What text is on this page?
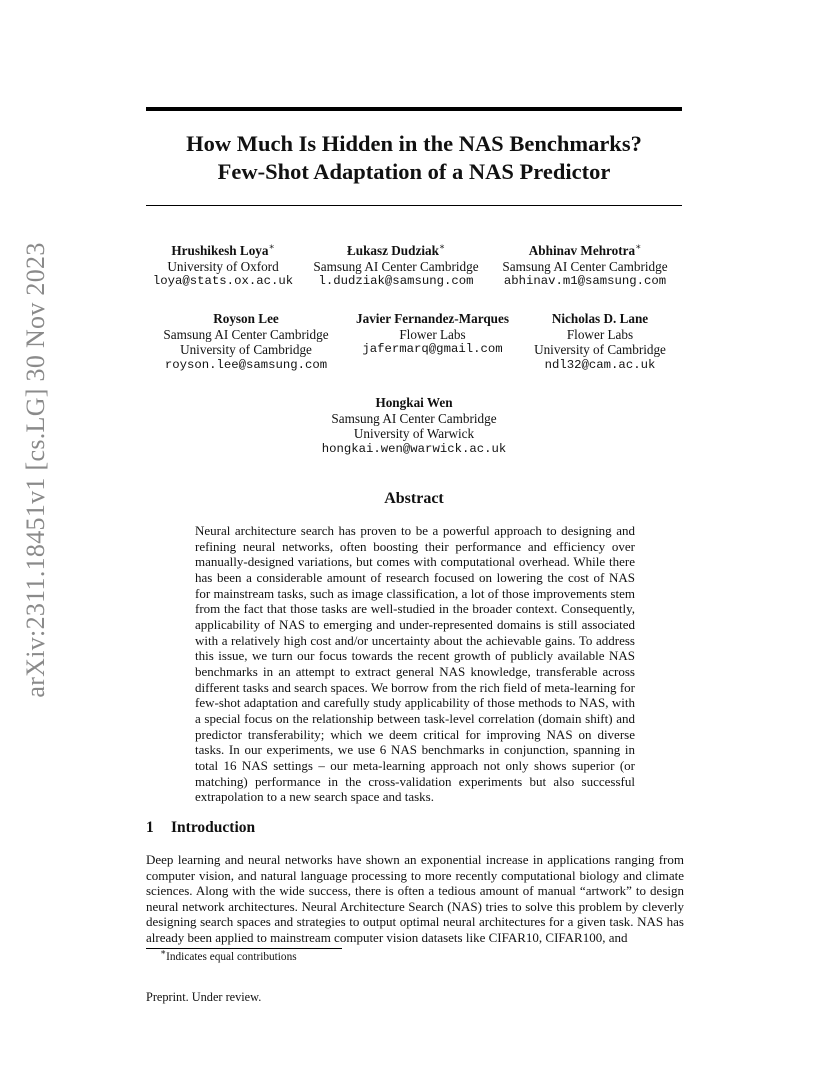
arXiv:2311.18451v1 [cs.LG] 30 Nov 2023
How Much Is Hidden in the NAS Benchmarks?
Few-Shot Adaptation of a NAS Predictor
Hrushikesh Loya∗
University of Oxford
loya@stats.ox.ac.uk
Łukasz Dudziak∗
Samsung AI Center Cambridge
l.dudziak@samsung.com
Abhinav Mehrotra∗
Samsung AI Center Cambridge
abhinav.m1@samsung.com
Royson Lee
Samsung AI Center Cambridge
University of Cambridge
royson.lee@samsung.com
Javier Fernandez-Marques
Flower Labs
jafermarq@gmail.com
Nicholas D. Lane
Flower Labs
University of Cambridge
ndl32@cam.ac.uk
Hongkai Wen
Samsung AI Center Cambridge
University of Warwick
hongkai.wen@warwick.ac.uk
Abstract
Neural architecture search has proven to be a powerful approach to designing and refining neural networks, often boosting their performance and efficiency over manually-designed variations, but comes with computational overhead. While there has been a considerable amount of research focused on lowering the cost of NAS for mainstream tasks, such as image classification, a lot of those improvements stem from the fact that those tasks are well-studied in the broader context. Consequently, applicability of NAS to emerging and under-represented domains is still associated with a relatively high cost and/or uncertainty about the achievable gains. To address this issue, we turn our focus towards the recent growth of publicly available NAS benchmarks in an attempt to extract general NAS knowledge, transferable across different tasks and search spaces. We borrow from the rich field of meta-learning for few-shot adaptation and carefully study applicability of those methods to NAS, with a special focus on the relationship between task-level correlation (domain shift) and predictor transferability; which we deem critical for improving NAS on diverse tasks. In our experiments, we use 6 NAS benchmarks in conjunction, spanning in total 16 NAS settings – our meta-learning approach not only shows superior (or matching) performance in the cross-validation experiments but also successful extrapolation to a new search space and tasks.
1 Introduction
Deep learning and neural networks have shown an exponential increase in applications ranging from computer vision, and natural language processing to more recently computational biology and climate sciences. Along with the wide success, there is often a tedious amount of manual “artwork” to design neural network architectures. Neural Architecture Search (NAS) tries to solve this problem by cleverly designing search spaces and strategies to output optimal neural architectures for a given task. NAS has already been applied to mainstream computer vision datasets like CIFAR10, CIFAR100, and
∗Indicates equal contributions
Preprint. Under review.
